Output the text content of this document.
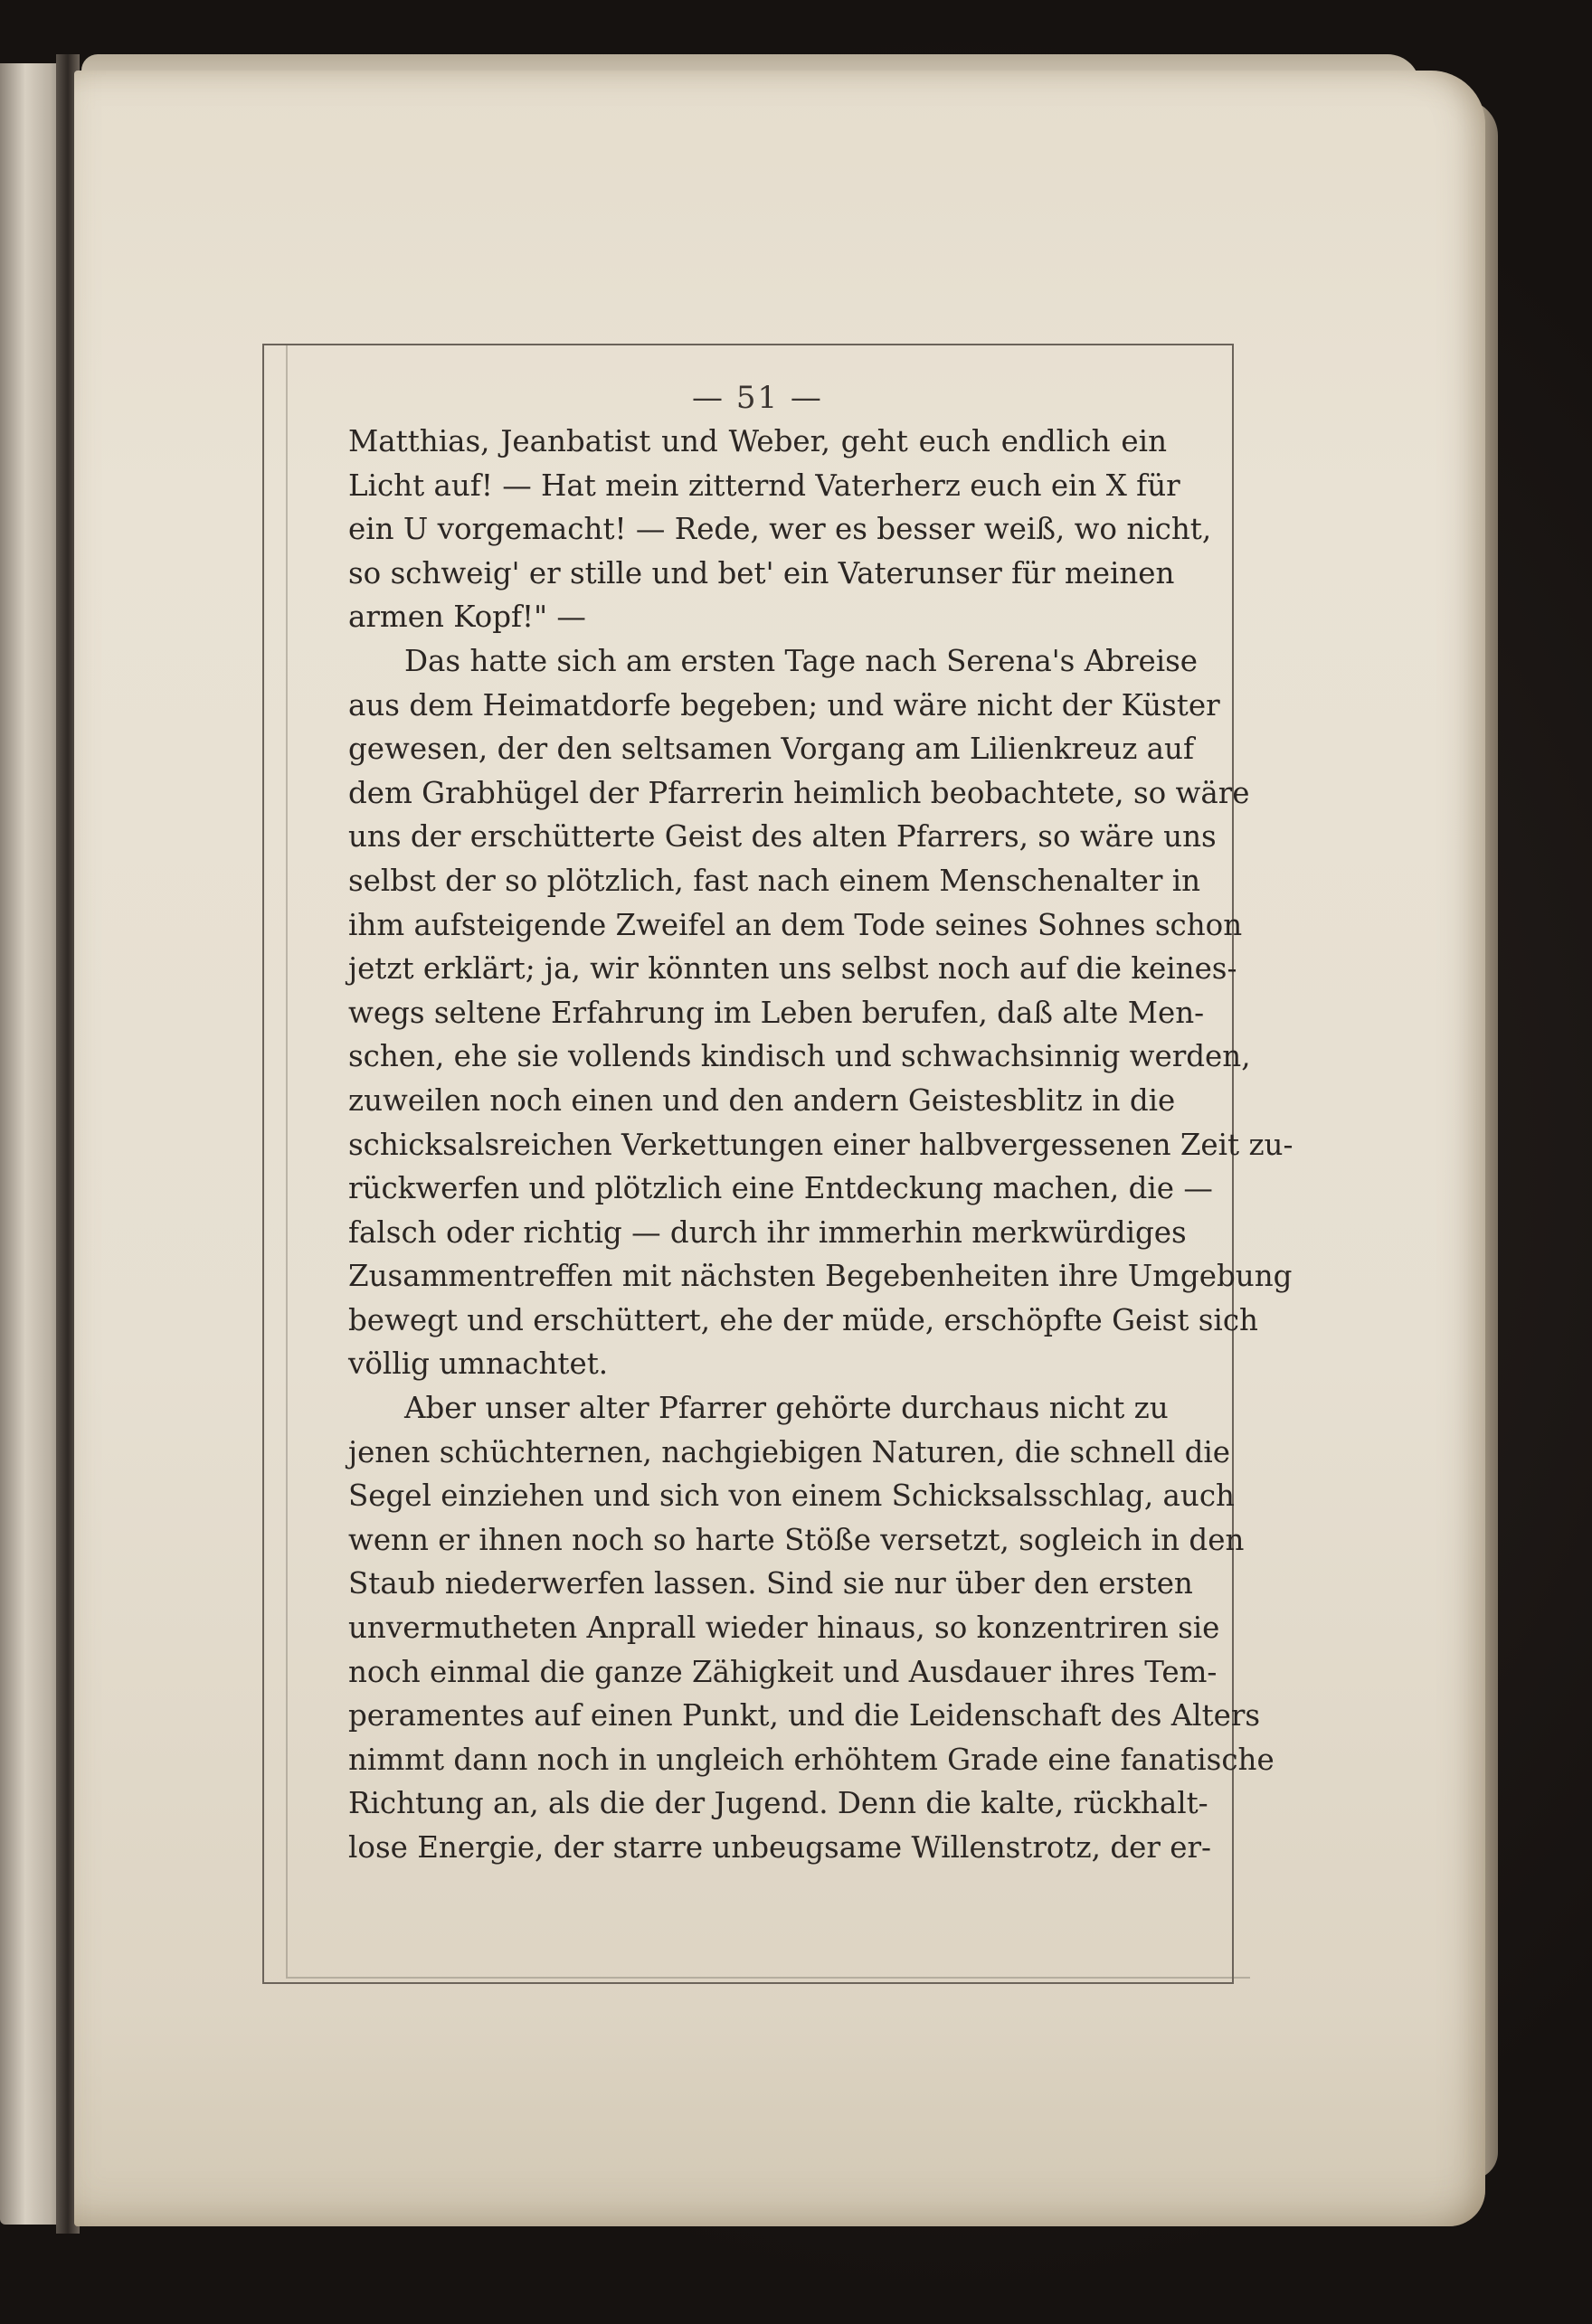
— 51 —
Matthias, Jeanbatist und Weber, geht euch endlich ein
Licht auf! — Hat mein zitternd Vaterherz euch ein X für
ein U vorgemacht! — Rede, wer es besser weiß, wo nicht,
so schweig' er stille und bet' ein Vaterunser für meinen
armen Kopf!" —
Das hatte sich am ersten Tage nach Serena's Abreise
aus dem Heimatdorfe begeben; und wäre nicht der Küster
gewesen, der den seltsamen Vorgang am Lilienkreuz auf
dem Grabhügel der Pfarrerin heimlich beobachtete, so wäre
uns der erschütterte Geist des alten Pfarrers, so wäre uns
selbst der so plötzlich, fast nach einem Menschenalter in
ihm aufsteigende Zweifel an dem Tode seines Sohnes schon
jetzt erklärt; ja, wir könnten uns selbst noch auf die keines-
wegs seltene Erfahrung im Leben berufen, daß alte Men-
schen, ehe sie vollends kindisch und schwachsinnig werden,
zuweilen noch einen und den andern Geistesblitz in die
schicksalsreichen Verkettungen einer halbvergessenen Zeit zu-
rückwerfen und plötzlich eine Entdeckung machen, die —
falsch oder richtig — durch ihr immerhin merkwürdiges
Zusammentreffen mit nächsten Begebenheiten ihre Umgebung
bewegt und erschüttert, ehe der müde, erschöpfte Geist sich
völlig umnachtet.
Aber unser alter Pfarrer gehörte durchaus nicht zu
jenen schüchternen, nachgiebigen Naturen, die schnell die
Segel einziehen und sich von einem Schicksalsschlag, auch
wenn er ihnen noch so harte Stöße versetzt, sogleich in den
Staub niederwerfen lassen. Sind sie nur über den ersten
unvermutheten Anprall wieder hinaus, so konzentriren sie
noch einmal die ganze Zähigkeit und Ausdauer ihres Tem-
peramentes auf einen Punkt, und die Leidenschaft des Alters
nimmt dann noch in ungleich erhöhtem Grade eine fanatische
Richtung an, als die der Jugend. Denn die kalte, rückhalt-
lose Energie, der starre unbeugsame Willenstrotz, der er-
